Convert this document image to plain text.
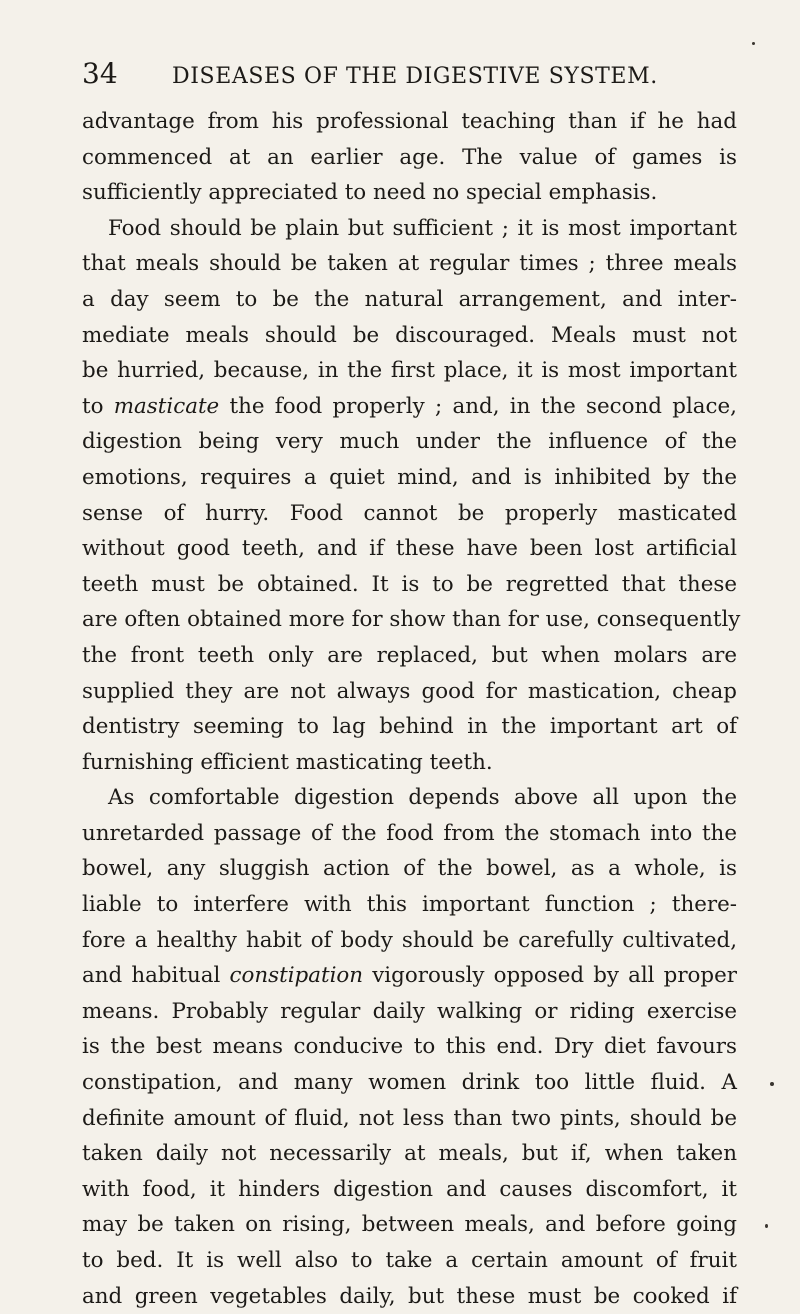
34 DISEASES OF THE DIGESTIVE SYSTEM.
advantage from his professional teaching than if he had
commenced at an earlier age. The value of games is
sufficiently appreciated to need no special emphasis.
Food should be plain but sufficient ; it is most important
that meals should be taken at regular times ; three meals
a day seem to be the natural arrangement, and inter-
mediate meals should be discouraged. Meals must not
be hurried, because, in the first place, it is most important
to masticate the food properly ; and, in the second place,
digestion being very much under the influence of the
emotions, requires a quiet mind, and is inhibited by the
sense of hurry. Food cannot be properly masticated
without good teeth, and if these have been lost artificial
teeth must be obtained. It is to be regretted that these
are often obtained more for show than for use, consequently
the front teeth only are replaced, but when molars are
supplied they are not always good for mastication, cheap
dentistry seeming to lag behind in the important art of
furnishing efficient masticating teeth.
As comfortable digestion depends above all upon the
unretarded passage of the food from the stomach into the
bowel, any sluggish action of the bowel, as a whole, is
liable to interfere with this important function ; there-
fore a healthy habit of body should be carefully cultivated,
and habitual constipation vigorously opposed by all proper
means. Probably regular daily walking or riding exercise
is the best means conducive to this end. Dry diet favours
constipation, and many women drink too little fluid. A
definite amount of fluid, not less than two pints, should be
taken daily not necessarily at meals, but if, when taken
with food, it hinders digestion and causes discomfort, it
may be taken on rising, between meals, and before going
to bed. It is well also to take a certain amount of fruit
and green vegetables daily, but these must be cooked if
